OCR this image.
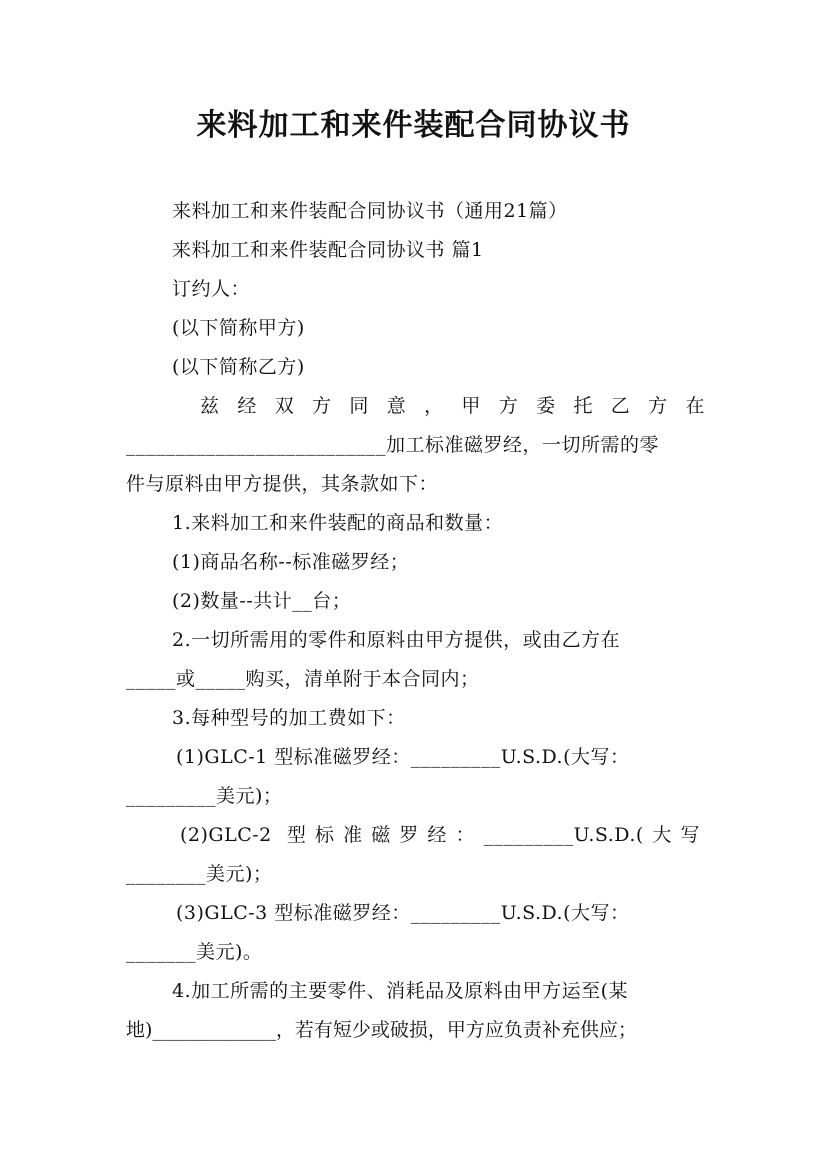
来料加工和来件装配合同协议书
来料加工和来件装配合同协议书（通用21篇）
来料加工和来件装配合同协议书 篇1
订约人：
(以下简称甲方)
(以下简称乙方)
兹 经 双 方 同 意 ， 甲 方 委 托 乙 方 在
__________________________加工标准磁罗经，一切所需的零
件与原料由甲方提供，其条款如下：
1.来料加工和来件装配的商品和数量：
(1)商品名称--标准磁罗经；
(2)数量--共计__台；
2.一切所需用的零件和原料由甲方提供，或由乙方在
_____或_____购买，清单附于本合同内；
3.每种型号的加工费如下：
(1)GLC-1 型标准磁罗经：_________U.S.D.(大写：
_________美元)；
(2)GLC-2 型标准磁罗经：_________U.S.D.(大写
________美元)；
(3)GLC-3 型标准磁罗经：_________U.S.D.(大写：
_______美元)。
4.加工所需的主要零件、消耗品及原料由甲方运至(某
地)_____________，若有短少或破损，甲方应负责补充供应；
